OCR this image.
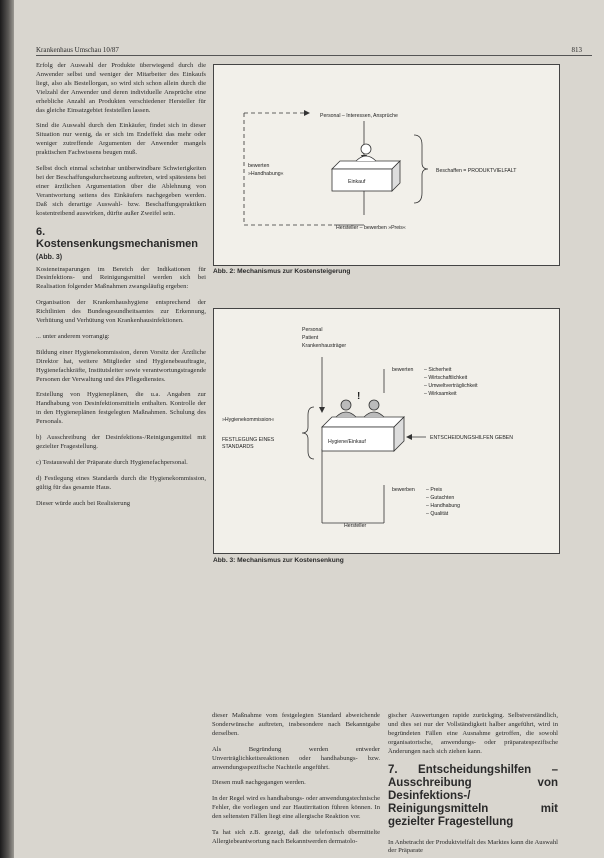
Krankenhaus Umschau 10/87	813

Erfolg der Auswahl der Produkte überwiegend durch die Anwender selbst und weniger der Mitarbeiter des Einkaufs liegt, also als Bestellorgan, so wird sich schon allein durch die Vielzahl der Anwender und deren individuelle Ansprüche eine erhebliche Anzahl an Produkten verschiedener Hersteller für das gleiche Einsatzgebiet feststellen lassen.

Sind die Auswahl durch den Einkäufer, findet sich in dieser Situation nur wenig, da er sich im Endeffekt das mehr oder weniger zutreffende Argumenten der Anwender mangels praktischen Fachwissens beugen muß.

Selbst doch einmal scheinbar unüberwindbare Schwierigkeiten bei der Beschaffungsdurchsetzung auftreten, wird spätestens bei einer ärztlichen Argumentation über die Ablehnung von Verantwortung seitens des Einkäufers nachgegeben werden. Daß sich derartige Auswahl- bzw. Beschaffungspraktiken kostentreibend auswirken, dürfte außer Zweifel sein.

6. Kostensenkungsmechanismen (Abb. 3)

Kosteneinsparungen im Bereich der Indikationen für Desinfektions- und Reinigungsmittel werden sich bei Realisation folgender Maßnahmen zwangsläufig ergeben:

Organisation der Krankenhaushygiene entsprechend der Richtlinien des Bundesgesundheitsamtes zur Erkennung, Verhütung und Verhütung von Krankenhausinfektionen.

... unter anderem vorrangig:

Bildung einer Hygienekommission, deren Vorsitz der Ärztliche Direktor hat, weitere Mitglieder sind Hygienebeauftragte, Hygienefachkräfte, Institutsleiter sowie verantwortungstragende Personen der Verwaltung und des Pflegedienstes.

Erstellung von Hygieneplänen, die u.a. Angaben zur Handhabung von Desinfektionsmitteln enthalten. Kontrolle der in den Hygieneplänen festgelegten Maßnahmen. Schulung des Personals.

b) Ausschreibung der Desinfektions-/Reinigungsmittel mit gezielter Fragestellung.

c) Testauswahl der Präparate durch Hygienefachpersonal.

d) Festlegung eines Standards durch die Hygienekommission, gültig für das gesamte Haus.

Dieser würde auch bei Realisierung

Personal – Interessen, Ansprüche
bewerten
»Handhabung«
Einkauf
Beschaffen = PRODUKTVIELFALT
Hersteller – bewerben »Preis«
Abb. 2: Mechanismus zur Kostensteigerung
!
Personal
Patient
Krankenhausträger
bewerten – Sicherheit
– Wirtschaftlichkeit
– Umweltverträglichkeit
– Wirksamkeit
»Hygienekommission«
FESTLEGUNG EINES
STANDARDS
Hygiene/Einkauf
ENTSCHEIDUNGSHILFEN GEBEN
bewerben – Preis
– Gutachten
– Handhabung
– Qualität
Hersteller
Abb. 3: Mechanismus zur Kostensenkung

dieser Maßnahme vom festgelegten Standard abweichende Sonderwünsche auftreten, insbesondere nach Bekanntgabe derselben.

Als Begründung werden entweder Unverträglichkeitsreaktionen oder handhabungs- bzw. anwendungsspezifische Nachteile angeführt.

Diesen muß nachgegangen werden.

In der Regel wird es handhabungs- oder anwendungstechnische Fehler, die vorliegen und zur Hautirritation führen können. In den seltensten Fällen liegt eine allergische Reaktion vor.

Ta hat sich z.B. gezeigt, daß die telefonisch übermittelte Allergiebeantwortung nach Bekanntwerden dermatolo-

gischer Auswertungen rapide zurückging. Selbstverständlich, und dies sei nur der Vollständigkeit halber angeführt, wird in begründeten Fällen eine Ausnahme getroffen, die sowohl organisatorische, anwendungs- oder präparatespezifische Änderungen nach sich ziehen kann.

7. Entscheidungshilfen – Ausschreibung von Desinfektions-/ Reinigungsmitteln mit gezielter Fragestellung

In Anbetracht der Produktvielfalt des Marktes kann die Auswahl der Präparate
